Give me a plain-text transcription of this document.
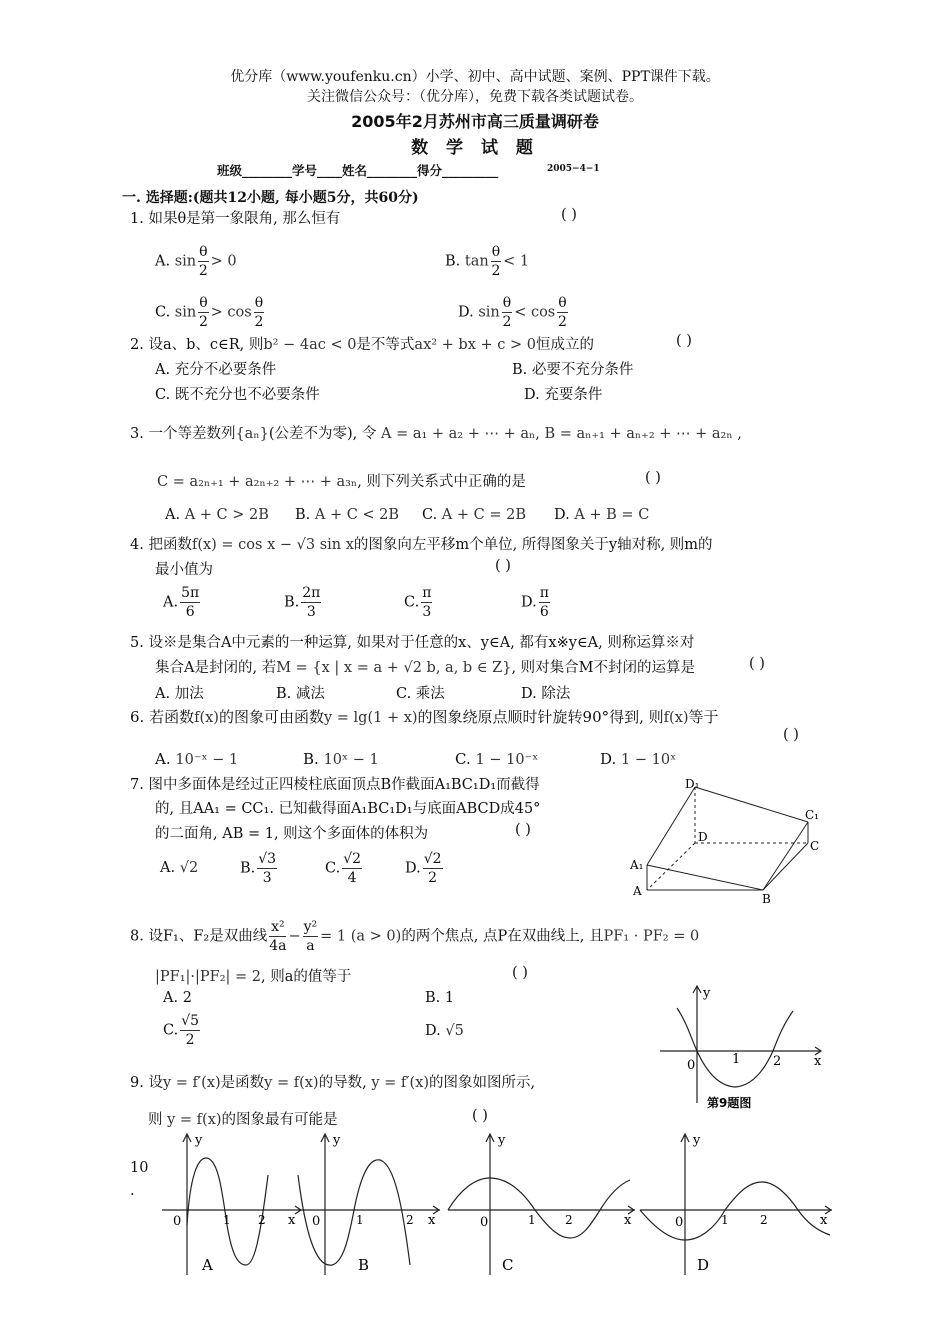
优分库（www.youfenku.cn）小学、初中、高中试题、案例、PPT课件下载。
关注微信公众号：（优分库），免费下载各类试题试卷。
2005年2月苏州市高三质量调研卷
数 学 试 题
班级________学号____姓名________得分_________	2005−4−1
一. 选择题:(题共12小题, 每小题5分，共60分)
1. 如果θ是第一象限角, 那么恒有	( )
A. $\sin \frac{\theta}{2} > 0$	B. $\tan \frac{\theta}{2} < 1$
C. $\sin \frac{\theta}{2} > \cos \frac{\theta}{2}$	D. $\sin \frac{\theta}{2} < \cos \frac{\theta}{2}$
2. 设a、b、c∈R, 则b² − 4ac < 0是不等式ax² + bx + c > 0恒成立的	( )
A. 充分不必要条件	B. 必要不充分条件
C. 既不充分也不必要条件	D. 充要条件
3. 一个等差数列{aₙ}(公差不为零), 令 A = a₁ + a₂ + ⋯ + aₙ, B = aₙ₊₁ + aₙ₊₂ + ⋯ + a₂ₙ ,
C = a₂ₙ₊₁ + a₂ₙ₊₂ + ⋯ + a₃ₙ, 则下列关系式中正确的是	( )
A. A + C > 2B B. A + C < 2B C. A + C = 2B D. A + B = C
4. 把函数f(x) = cos x − √3 sin x的图象向左平移m个单位, 所得图象关于y轴对称, 则m的
最小值为	( )
A. $\frac{5\pi}{6}$	B. $\frac{2\pi}{3}$	C. $\frac{\pi}{3}$	D. $\frac{\pi}{6}$
5. 设※是集合A中元素的一种运算, 如果对于任意的x、y∈A, 都有x※y∈A, 则称运算※对
集合A是封闭的, 若M = {x | x = a + √2 b, a, b ∈ Z}, 则对集合M不封闭的运算是	( )
A. 加法	B. 减法	C. 乘法	D. 除法
6. 若函数f(x)的图象可由函数y = lg(1 + x)的图象绕原点顺时针旋转90°得到, 则f(x)等于
( )
A. 10⁻ˣ − 1	B. 10ˣ − 1	C. 1 − 10⁻ˣ	D. 1 − 10ˣ
7. 图中多面体是经过正四棱柱底面顶点B作截面A₁BC₁D₁而截得
的, 且AA₁ = CC₁. 已知截得面A₁BC₁D₁与底面ABCD成45°
的二面角, AB = 1, 则这个多面体的体积为	( )
A. √2	B. $\frac{√3}{3}$	C. $\frac{√2}{4}$	D. $\frac{√2}{2}$
D₁
C₁
D
C
A₁
A
B
8. 设F₁、F₂是双曲线 $\frac{\text{x²}}{4a} - \frac{\text{y²}}{a} = 1$ (a > 0)的两个焦点, 点P在双曲线上, 且PF₁ · PF₂ = 0
|PF₁|·|PF₂| = 2, 则a的值等于	( )
A. 2	B. 1
C. $\frac{√5}{2}$	D. √5
y
x
0	1	2
第9题图
9. 设y = f′(x)是函数y = f(x)的导数, y = f′(x)的图象如图所示,
则 y = f(x)的图象最有可能是	( )
10
.
y
x
0	1 2
A
y
x
0	1	2
B
y
x
0	1 2
C
y
x
0	1	2
D
